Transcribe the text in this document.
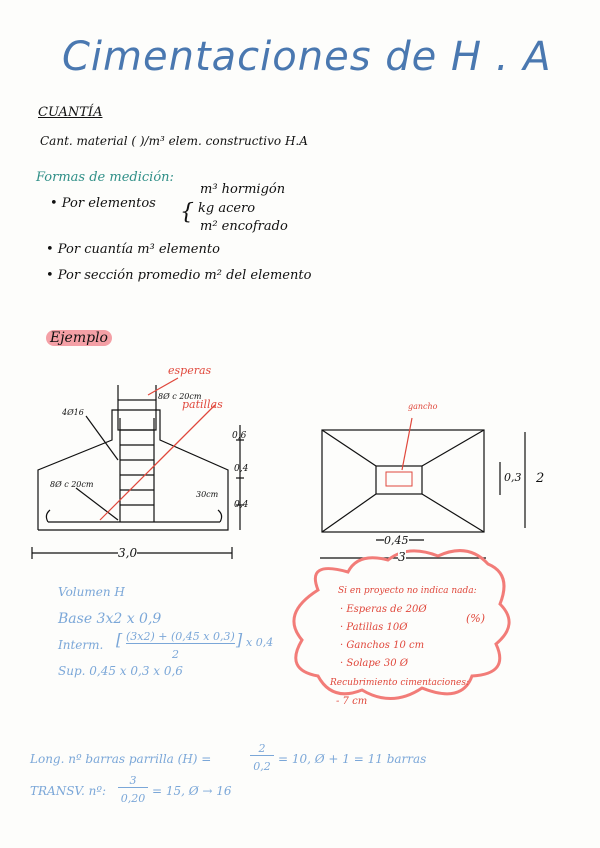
Cimentaciones de H . A
CUANTÍA
Cant. material ( )/m³ elem. constructivo H.A
Formas de medición:
• Por elementos {
m³ hormigón
kg acero
m² encofrado
• Por cuantía m³ elemento
• Por sección promedio m² del elemento
Ejemplo
esperas
8Ø c 20cm
patillas
4Ø16
8Ø c 20cm
30cm
0,6
0,4
0,4
3,0
gancho
0,3 2
0,45
3
Volumen H
Base 3x2 x 0,9
Interm. [ (3x2) + (0,45 x 0,3)
2
] x 0,4
Sup. 0,45 x 0,3 x 0,6
Si en proyecto no indica nada:
· Esperas de 20Ø
· Patillas 10Ø
· Ganchos 10 cm
· Solape 30 Ø
Recubrimiento cimentaciones:
- 7 cm
(%)
Long. nº barras parrilla (H) =
2
0,2
= 10, Ø + 1 = 11 barras
TRANSV. nº:
3
0,20
= 15, Ø → 16
